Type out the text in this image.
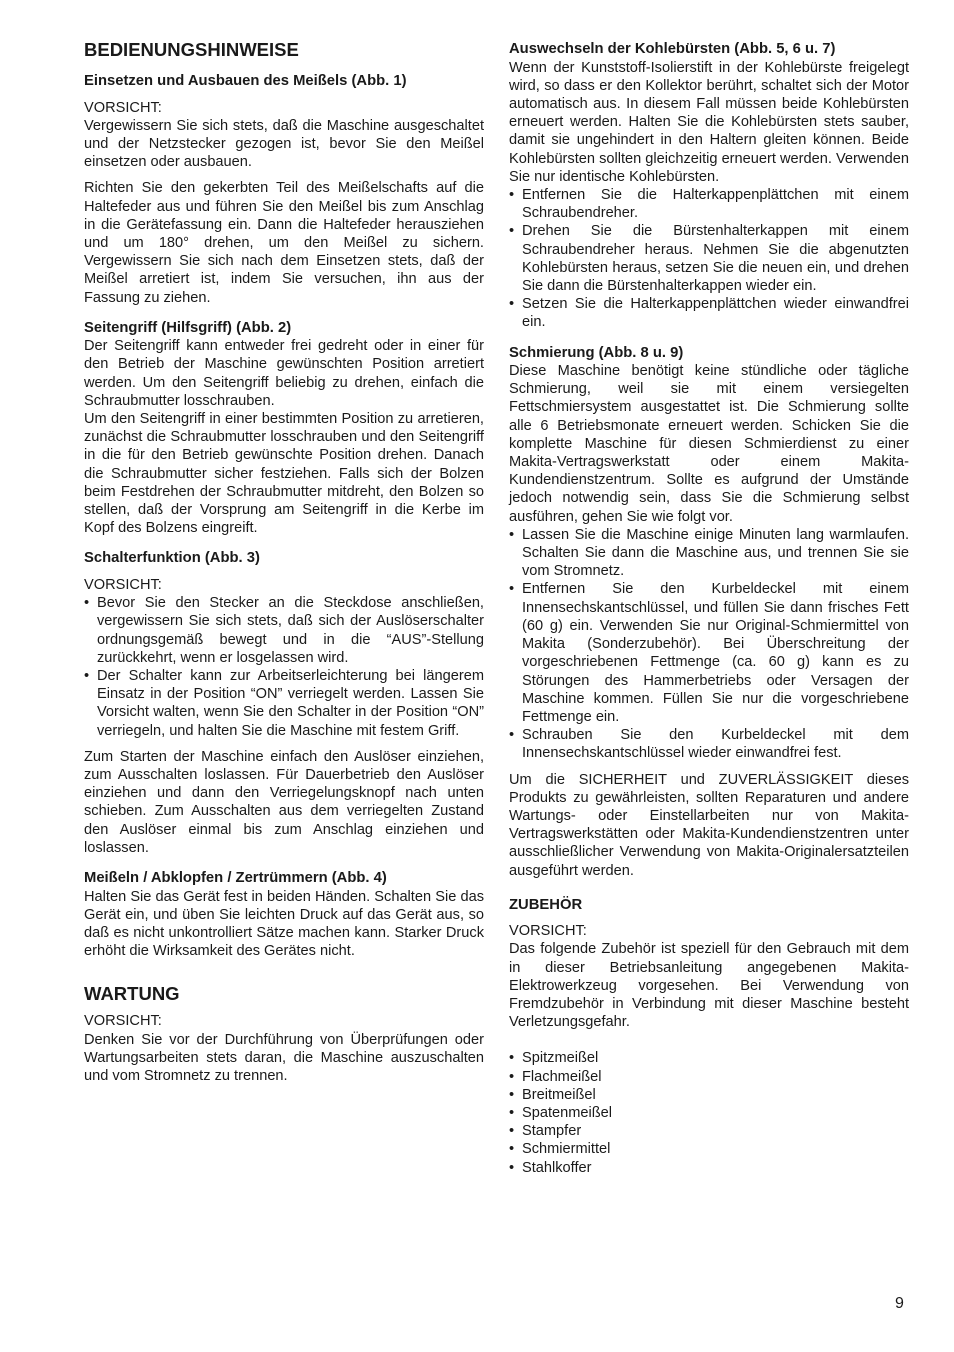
BEDIENUNGSHINWEISE
Einsetzen und Ausbauen des Meißels (Abb. 1)

VORSICHT:

Vergewissern Sie sich stets, daß die Maschine ausgeschaltet und der Netzstecker gezogen ist, bevor Sie den Meißel einsetzen oder ausbauen.

Richten Sie den gekerbten Teil des Meißelschafts auf die Haltefeder aus und führen Sie den Meißel bis zum Anschlag in die Gerätefassung ein. Dann die Haltefeder herausziehen und um 180° drehen, um den Meißel zu sichern. Vergewissern Sie sich nach dem Einsetzen stets, daß der Meißel arretiert ist, indem Sie versuchen, ihn aus der Fassung zu ziehen.

Seitengriff (Hilfsgriff) (Abb. 2)

Der Seitengriff kann entweder frei gedreht oder in einer für den Betrieb der Maschine gewünschten Position arretiert werden. Um den Seitengriff beliebig zu drehen, einfach die Schraubmutter losschrauben.

Um den Seitengriff in einer bestimmten Position zu arretieren, zunächst die Schraubmutter losschrauben und den Seitengriff in die für den Betrieb gewünschte Position drehen. Danach die Schraubmutter sicher festziehen. Falls sich der Bolzen beim Festdrehen der Schraubmutter mitdreht, den Bolzen so stellen, daß der Vorsprung am Seitengriff in die Kerbe im Kopf des Bolzens eingreift.

Schalterfunktion (Abb. 3)

VORSICHT:

• Bevor Sie den Stecker an die Steckdose anschließen, vergewissern Sie sich stets, daß sich der Auslöserschalter ordnungsgemäß bewegt und in die “AUS”-Stellung zurückkehrt, wenn er losgelassen wird.
• Der Schalter kann zur Arbeitserleichterung bei längerem Einsatz in der Position “ON” verriegelt werden. Lassen Sie Vorsicht walten, wenn Sie den Schalter in der Position “ON” verriegeln, und halten Sie die Maschine mit festem Griff.

Zum Starten der Maschine einfach den Auslöser einziehen, zum Ausschalten loslassen. Für Dauerbetrieb den Auslöser einziehen und dann den Verriegelungsknopf nach unten schieben. Zum Ausschalten aus dem verriegelten Zustand den Auslöser einmal bis zum Anschlag einziehen und loslassen.

Meißeln / Abklopfen / Zertrümmern (Abb. 4)

Halten Sie das Gerät fest in beiden Händen. Schalten Sie das Gerät ein, und üben Sie leichten Druck auf das Gerät aus, so daß es nicht unkontrolliert Sätze machen kann. Starker Druck erhöht die Wirksamkeit des Gerätes nicht.

WARTUNG

VORSICHT:

Denken Sie vor der Durchführung von Überprüfungen oder Wartungsarbeiten stets daran, die Maschine auszuschalten und vom Stromnetz zu trennen.

Auswechseln der Kohlebürsten (Abb. 5, 6 u. 7)

Wenn der Kunststoff-Isolierstift in der Kohlebürste freigelegt wird, so dass er den Kollektor berührt, schaltet sich der Motor automatisch aus. In diesem Fall müssen beide Kohlebürsten erneuert werden. Halten Sie die Kohlebürsten stets sauber, damit sie ungehindert in den Haltern gleiten können. Beide Kohlebürsten sollten gleichzeitig erneuert werden. Verwenden Sie nur identische Kohlebürsten.

• Entfernen Sie die Halterkappenplättchen mit einem Schraubendreher.
• Drehen Sie die Bürstenhalterkappen mit einem Schraubendreher heraus. Nehmen Sie die abgenutzten Kohlebürsten heraus, setzen Sie die neuen ein, und drehen Sie dann die Bürstenhalterkappen wieder ein.
• Setzen Sie die Halterkappenplättchen wieder einwandfrei ein.
Schmierung (Abb. 8 u. 9)

Diese Maschine benötigt keine stündliche oder tägliche Schmierung, weil sie mit einem versiegelten Fettschmiersystem ausgestattet ist. Die Schmierung sollte alle 6 Betriebsmonate erneuert werden. Schicken Sie die komplette Maschine für diesen Schmierdienst zu einer Makita-Vertragswerkstatt oder einem Makita-Kundendienstzentrum. Sollte es aufgrund der Umstände jedoch notwendig sein, dass Sie die Schmierung selbst ausführen, gehen Sie wie folgt vor.

• Lassen Sie die Maschine einige Minuten lang warmlaufen. Schalten Sie dann die Maschine aus, und trennen Sie sie vom Stromnetz.
• Entfernen Sie den Kurbeldeckel mit einem Innensechskantschlüssel, und füllen Sie dann frisches Fett (60 g) ein. Verwenden Sie nur Original-Schmiermittel von Makita (Sonderzubehör). Bei Überschreitung der vorgeschriebenen Fettmenge (ca. 60 g) kann es zu Störungen des Hammerbetriebs oder Versagen der Maschine kommen. Füllen Sie nur die vorgeschriebene Fettmenge ein.
• Schrauben Sie den Kurbeldeckel mit dem Innensechskantschlüssel wieder einwandfrei fest.

Um die SICHERHEIT und ZUVERLÄSSIGKEIT dieses Produkts zu gewährleisten, sollten Reparaturen und andere Wartungs- oder Einstellarbeiten nur von Makita-Vertragswerkstätten oder Makita-Kundendienstzentren unter ausschließlicher Verwendung von Makita-Originalersatzteilen ausgeführt werden.

ZUBEHÖR

VORSICHT:

Das folgende Zubehör ist speziell für den Gebrauch mit dem in dieser Betriebsanleitung angegebenen Makita-Elektrowerkzeug vorgesehen. Bei Verwendung von Fremdzubehör in Verbindung mit dieser Maschine besteht Verletzungsgefahr.

• Spitzmeißel
• Flachmeißel
• Breitmeißel
• Spatenmeißel
• Stampfer
• Schmiermittel
• Stahlkoffer
9
